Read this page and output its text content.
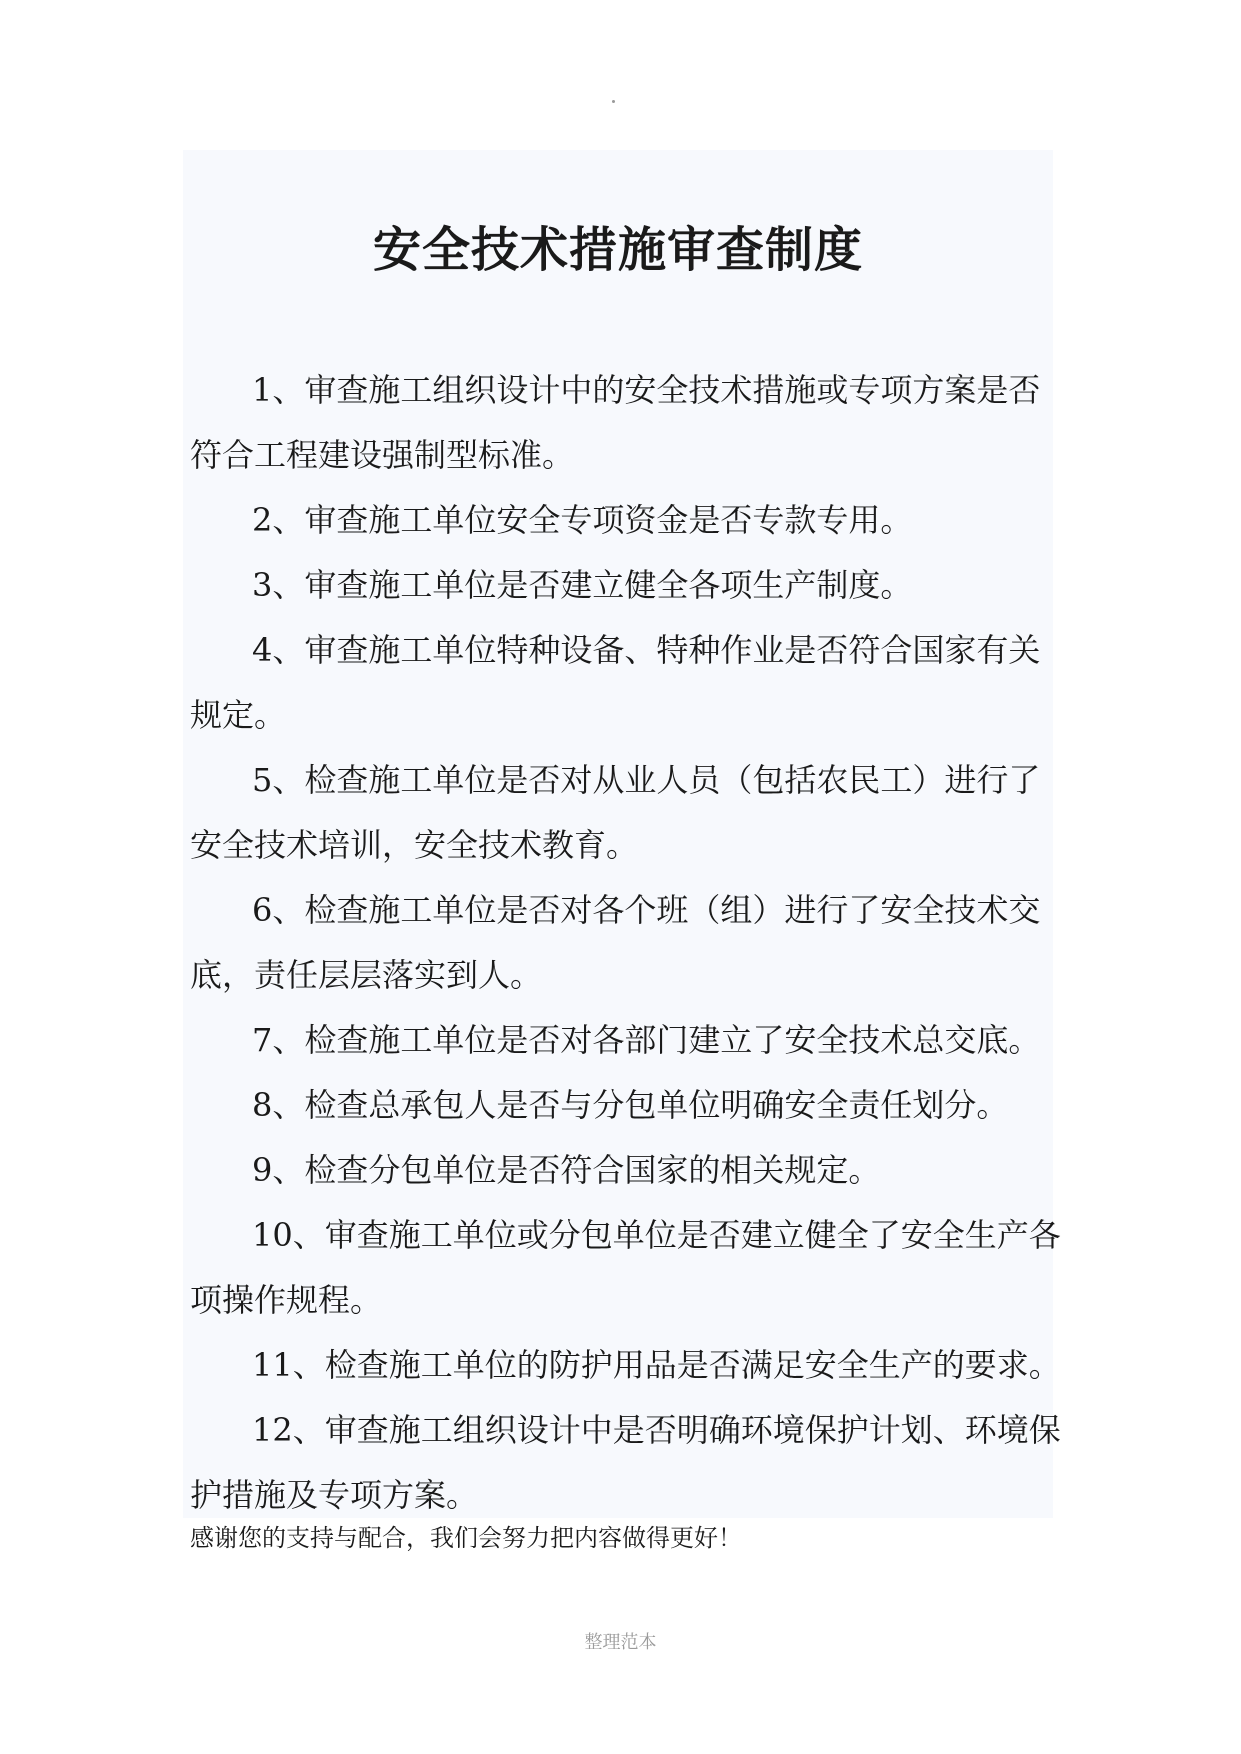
安全技术措施审查制度

1、审查施工组织设计中的安全技术措施或专项方案是否符合工程建设强制型标准。

2、审查施工单位安全专项资金是否专款专用。

3、审查施工单位是否建立健全各项生产制度。

4、审查施工单位特种设备、特种作业是否符合国家有关规定。

5、检查施工单位是否对从业人员（包括农民工）进行了安全技术培训，安全技术教育。

6、检查施工单位是否对各个班（组）进行了安全技术交底，责任层层落实到人。

7、检查施工单位是否对各部门建立了安全技术总交底。

8、检查总承包人是否与分包单位明确安全责任划分。

9、检查分包单位是否符合国家的相关规定。

10、审查施工单位或分包单位是否建立健全了安全生产各项操作规程。

11、检查施工单位的防护用品是否满足安全生产的要求。

12、审查施工组织设计中是否明确环境保护计划、环境保护措施及专项方案。

感谢您的支持与配合，我们会努力把内容做得更好！

整理范本
